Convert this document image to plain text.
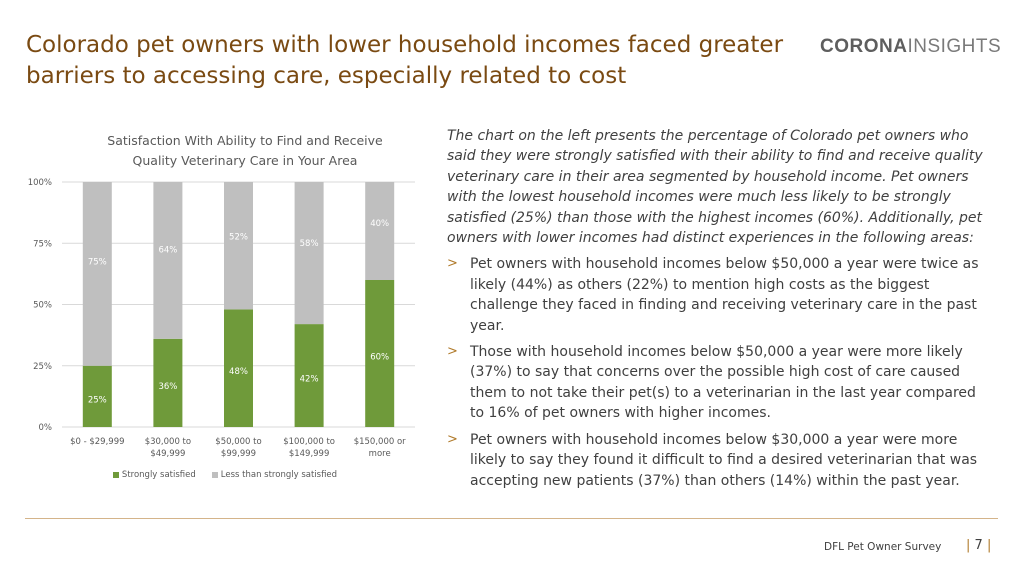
Colorado pet owners with lower household incomes faced greater
barriers to accessing care, especially related to cost
CORONAINSIGHTS
0%
25%
50%
75%
100%
25%
75%
$0 - $29,999
36%
64%
$30,000 to
$49,999
48%
52%
$50,000 to
$99,999
42%
58%
$100,000 to
$149,999
60%
40%
$150,000 or
more
Satisfaction With Ability to Find and Receive
Quality Veterinary Care in Your Area
Strongly satisfied	Less than strongly satisfied

The chart on the left presents the percentage of Colorado pet owners who said they were strongly satisfied with their ability to find and receive quality veterinary care in their area segmented by household income. Pet owners with the lowest household incomes were much less likely to be strongly satisfied (25%) than those with the highest incomes (60%). Additionally, pet owners with lower incomes had distinct experiences in the following areas:

> Pet owners with household incomes below $50,000 a year were twice as likely (44%) as others (22%) to mention high costs as the biggest challenge they faced in finding and receiving veterinary care in the past year.
> Those with household incomes below $50,000 a year were more likely (37%) to say that concerns over the possible high cost of care caused them to not take their pet(s) to a veterinarian in the last year compared to 16% of pet owners with higher incomes.
> Pet owners with household incomes below $30,000 a year were more likely to say they found it difficult to find a desired veterinarian that was accepting new patients (37%) than others (14%) within the past year.
DFL Pet Owner Survey | 7 |
